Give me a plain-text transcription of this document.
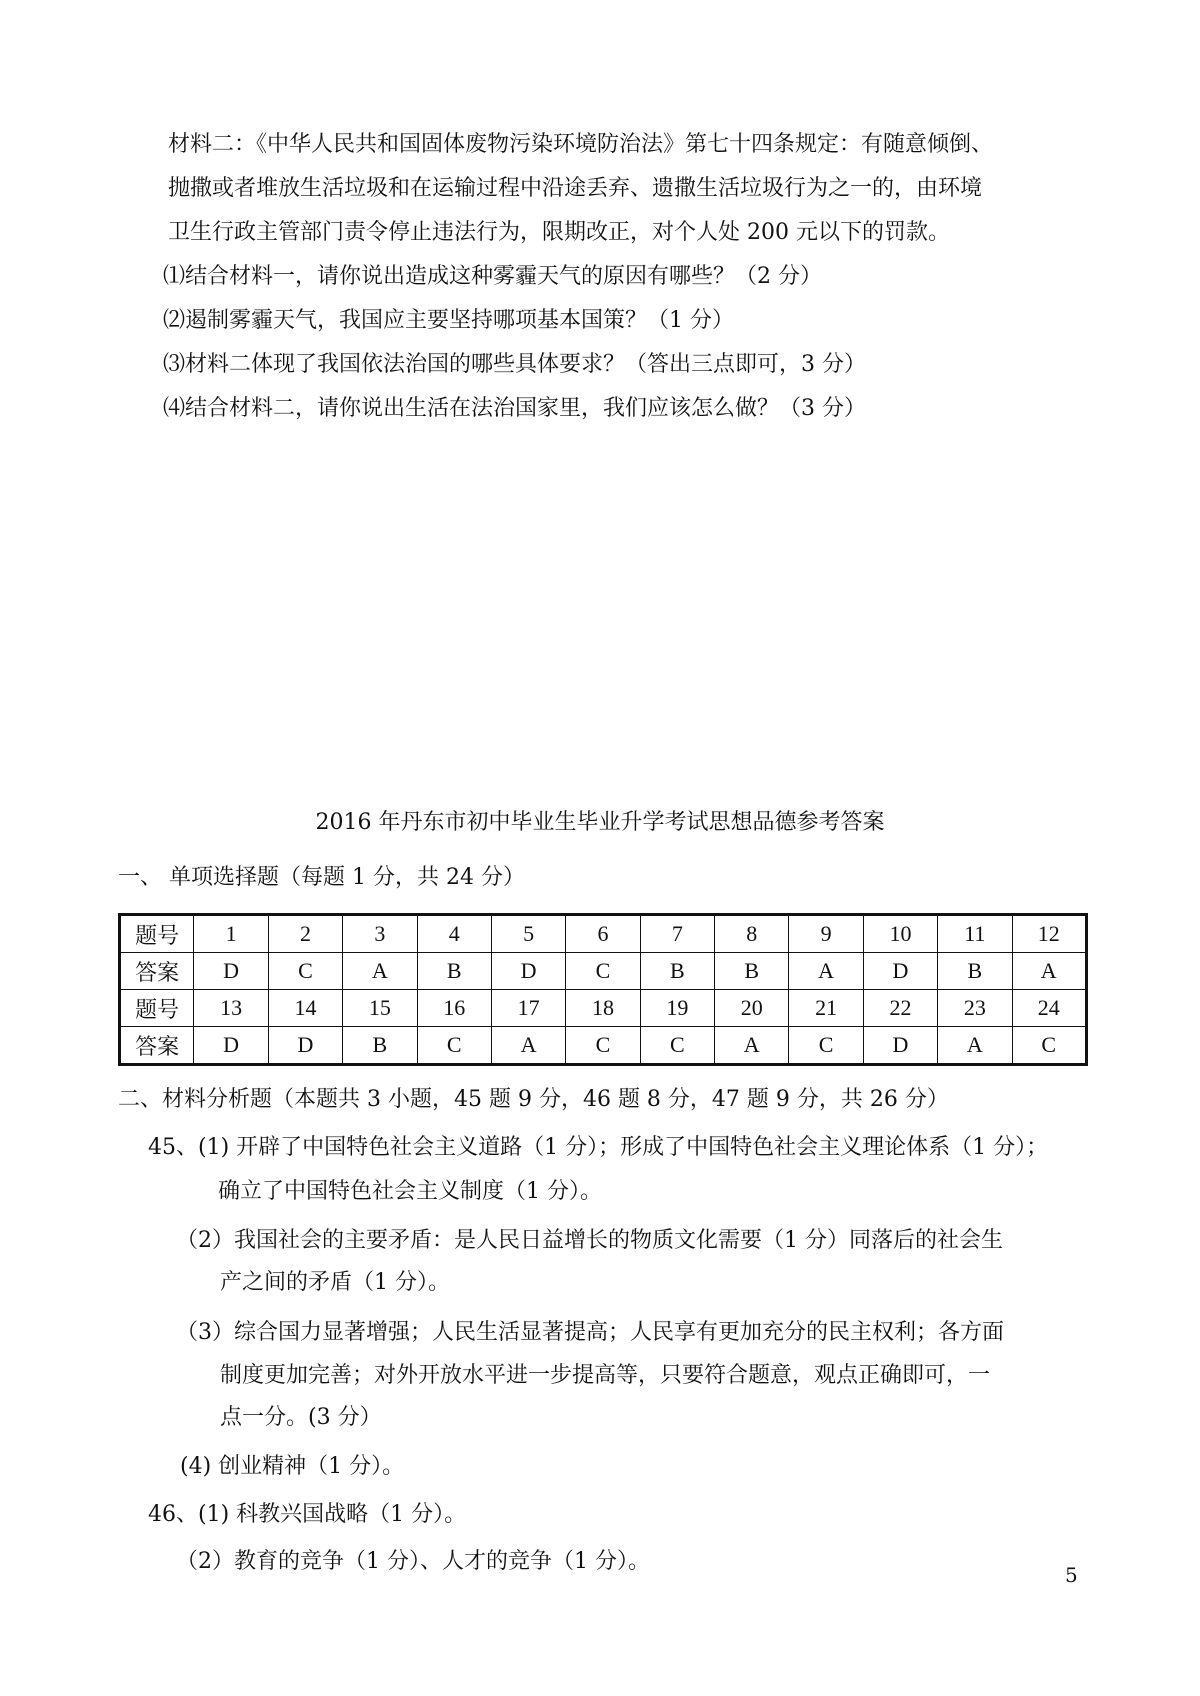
材料二：《中华人民共和国固体废物污染环境防治法》第七十四条规定：有随意倾倒、
抛撒或者堆放生活垃圾和在运输过程中沿途丢弃、遗撒生活垃圾行为之一的，由环境
卫生行政主管部门责令停止违法行为，限期改正，对个人处 200 元以下的罚款。
⑴结合材料一，请你说出造成这种雾霾天气的原因有哪些？（2 分）
⑵遏制雾霾天气，我国应主要坚持哪项基本国策？（1 分）
⑶材料二体现了我国依法治国的哪些具体要求？（答出三点即可，3 分）
⑷结合材料二，请你说出生活在法治国家里，我们应该怎么做？（3 分）
2016 年丹东市初中毕业生毕业升学考试思想品德参考答案
一、 单项选择题（每题 1 分，共 24 分）
题号	1	2	3	4	5	6	7	8	9	10	11	12
答案	D	C	A	B	D	C	B	B	A	D	B	A
题号	13	14	15	16	17	18	19	20	21	22	23	24
答案	D	D	B	C	A	C	C	A	C	D	A	C
二、材料分析题（本题共 3 小题，45 题 9 分，46 题 8 分，47 题 9 分，共 26 分）
45、(1) 开辟了中国特色社会主义道路（1 分）；形成了中国特色社会主义理论体系（1 分）；
确立了中国特色社会主义制度（1 分）。
（2）我国社会的主要矛盾：是人民日益增长的物质文化需要（1 分）同落后的社会生
产之间的矛盾（1 分）。
（3）综合国力显著增强；人民生活显著提高；人民享有更加充分的民主权利；各方面
制度更加完善；对外开放水平进一步提高等，只要符合题意，观点正确即可，一
点一分。(3 分）
(4) 创业精神（1 分）。
46、(1) 科教兴国战略（1 分）。
（2）教育的竞争（1 分）、人才的竞争（1 分）。
5
